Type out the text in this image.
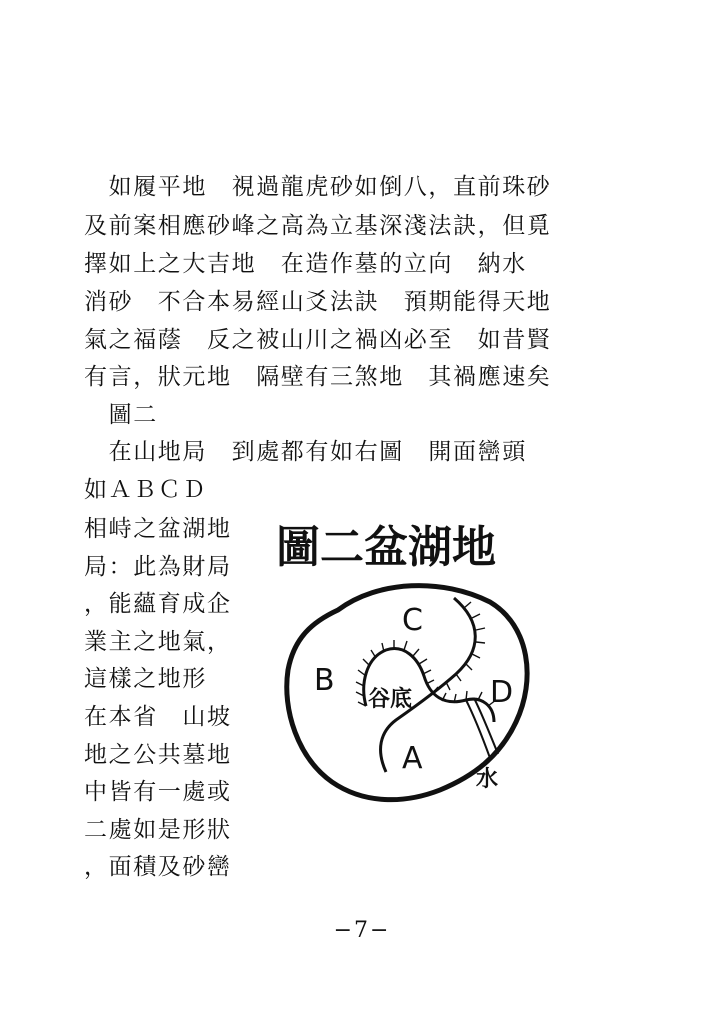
　如履平地　視過龍虎砂如倒八，直前珠砂
及前案相應砂峰之高為立基深淺法訣，但覓
擇如上之大吉地　在造作墓的立向　納水
消砂　不合本易經山爻法訣　預期能得天地
氣之福蔭　反之被山川之禍凶必至　如昔賢
有言，狀元地　隔壁有三煞地　其禍應速矣
　圖二
　在山地局　到處都有如右圖　開面巒頭
如ＡＢＣＤ
相峙之盆湖地
局：此為財局
，能蘊育成企
業主之地氣，
這樣之地形
在本省　山坡
地之公共墓地
中皆有一處或
二處如是形狀
，面積及砂巒
圖二盆湖地
C
B	D
A
谷底
水
−7−
